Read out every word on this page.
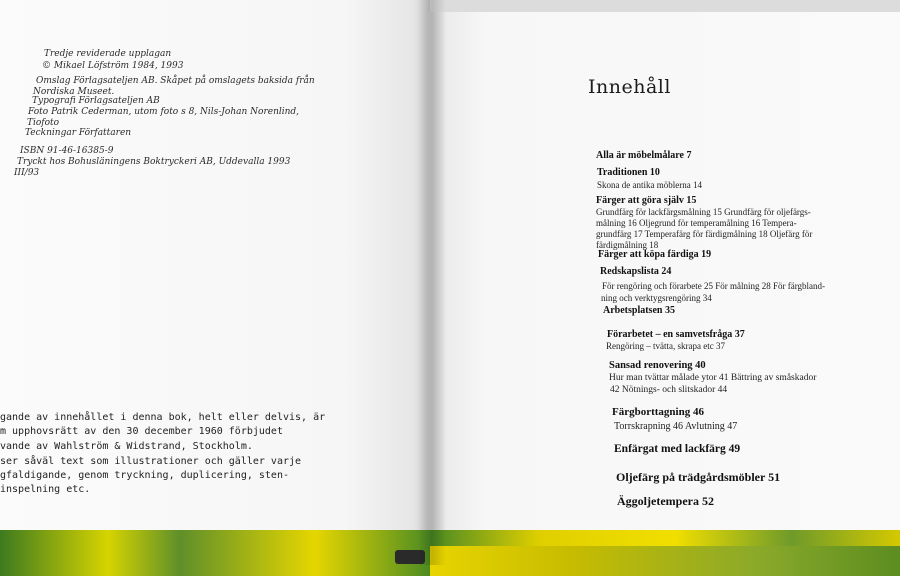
Tredje reviderade upplagan
© Mikael Löfström 1984, 1993
Omslag Förlagsateljen AB. Skåpet på omslagets baksida från
Nordiska Museet.
Typografi Förlagsateljen AB
Foto Patrik Cederman, utom foto s 8, Nils-Johan Norenlind,
Tiofoto
Teckningar Författaren
ISBN 91-46-16385-9
Tryckt hos Bohusläningens Boktryckeri AB, Uddevalla 1993
III/93
gande av innehållet i denna bok, helt eller delvis, är
m upphovsrätt av den 30 december 1960 förbjudet
vande av Wahlström & Widstrand, Stockholm.
ser såväl text som illustrationer och gäller varje
gfaldigande, genom tryckning, duplicering, sten-
inspelning etc.
Innehåll
Alla är möbelmålare 7
Traditionen 10
Skona de antika möblerna 14
Färger att göra själv 15
Grundfärg för lackfärgsmålning 15 Grundfärg för oljefärgs-
målning 16 Oljegrund för temperamålning 16 Tempera-
grundfärg 17 Temperafärg för färdigmålning 18 Oljefärg för
färdigmålning 18
Färger att köpa färdiga 19
Redskapslista 24
För rengöring och förarbete 25 För målning 28 För färgbland-
ning och verktygsrengöring 34
Arbetsplatsen 35
Förarbetet – en samvetsfråga 37
Rengöring – tvätta, skrapa etc 37
Sansad renovering 40
Hur man tvättar målade ytor 41 Bättring av småskador
42 Nötnings- och slitskador 44
Färgborttagning 46
Torrskrapning 46 Avlutning 47
Enfärgat med lackfärg 49
Oljefärg på trädgårdsmöbler 51
Äggoljetempera 52
